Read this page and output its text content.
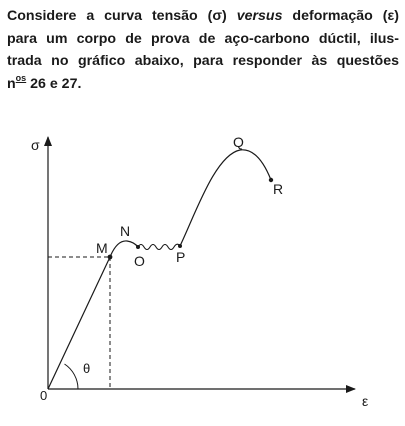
Considere a curva tensão (σ) versus deformação (ε)
para um corpo de prova de aço-carbono dúctil, ilus-
trada no gráfico abaixo, para responder às questões
$n^{os}$ 26 e 27.

σ
ε
0
θ
M
N
O P
Q
R
